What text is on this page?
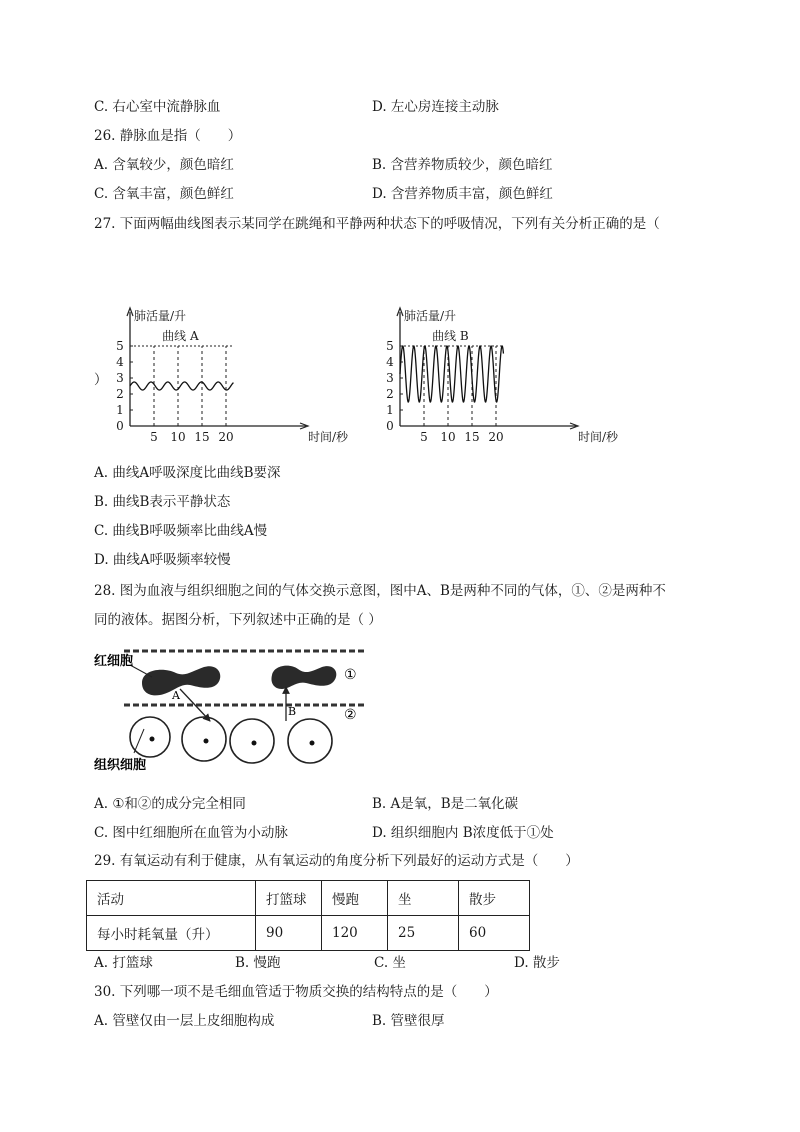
C. 右心室中流静脉血	D. 左心房连接主动脉
26. 静脉血是指（　　）
A. 含氧较少，颜色暗红	B. 含营养物质较少，颜色暗红
C. 含氧丰富，颜色鲜红	D. 含营养物质丰富，颜色鲜红
27. 下面两幅曲线图表示某同学在跳绳和平静两种状态下的呼吸情况，下列有关分析正确的是（
）
0
1
2
3
4
5
5 10 15 20
肺活量/升
时间/秒
曲线 A
0
1
2
3
4
5
5 10 15 20
肺活量/升
时间/秒
曲线 B
A. 曲线A呼吸深度比曲线B要深
B. 曲线B表示平静状态
C. 曲线B呼吸频率比曲线A慢
D. 曲线A呼吸频率较慢
28. 图为血液与组织细胞之间的气体交换示意图，图中A、B是两种不同的气体，①、②是两种不
同的液体。据图分析，下列叙述中正确的是（ ）
红细胞
组织细胞
A
B
①
②
A. ①和②的成分完全相同	B. A是氧，B是二氧化碳
C. 图中红细胞所在血管为小动脉	D. 组织细胞内 B浓度低于①处
29. 有氧运动有利于健康，从有氧运动的角度分析下列最好的运动方式是（　　）
活动	打篮球	慢跑	坐	散步
每小时耗氧量（升）	90	120	25	60
A. 打篮球	B. 慢跑	C. 坐	D. 散步
30. 下列哪一项不是毛细血管适于物质交换的结构特点的是（　　）
A. 管壁仅由一层上皮细胞构成	B. 管壁很厚
